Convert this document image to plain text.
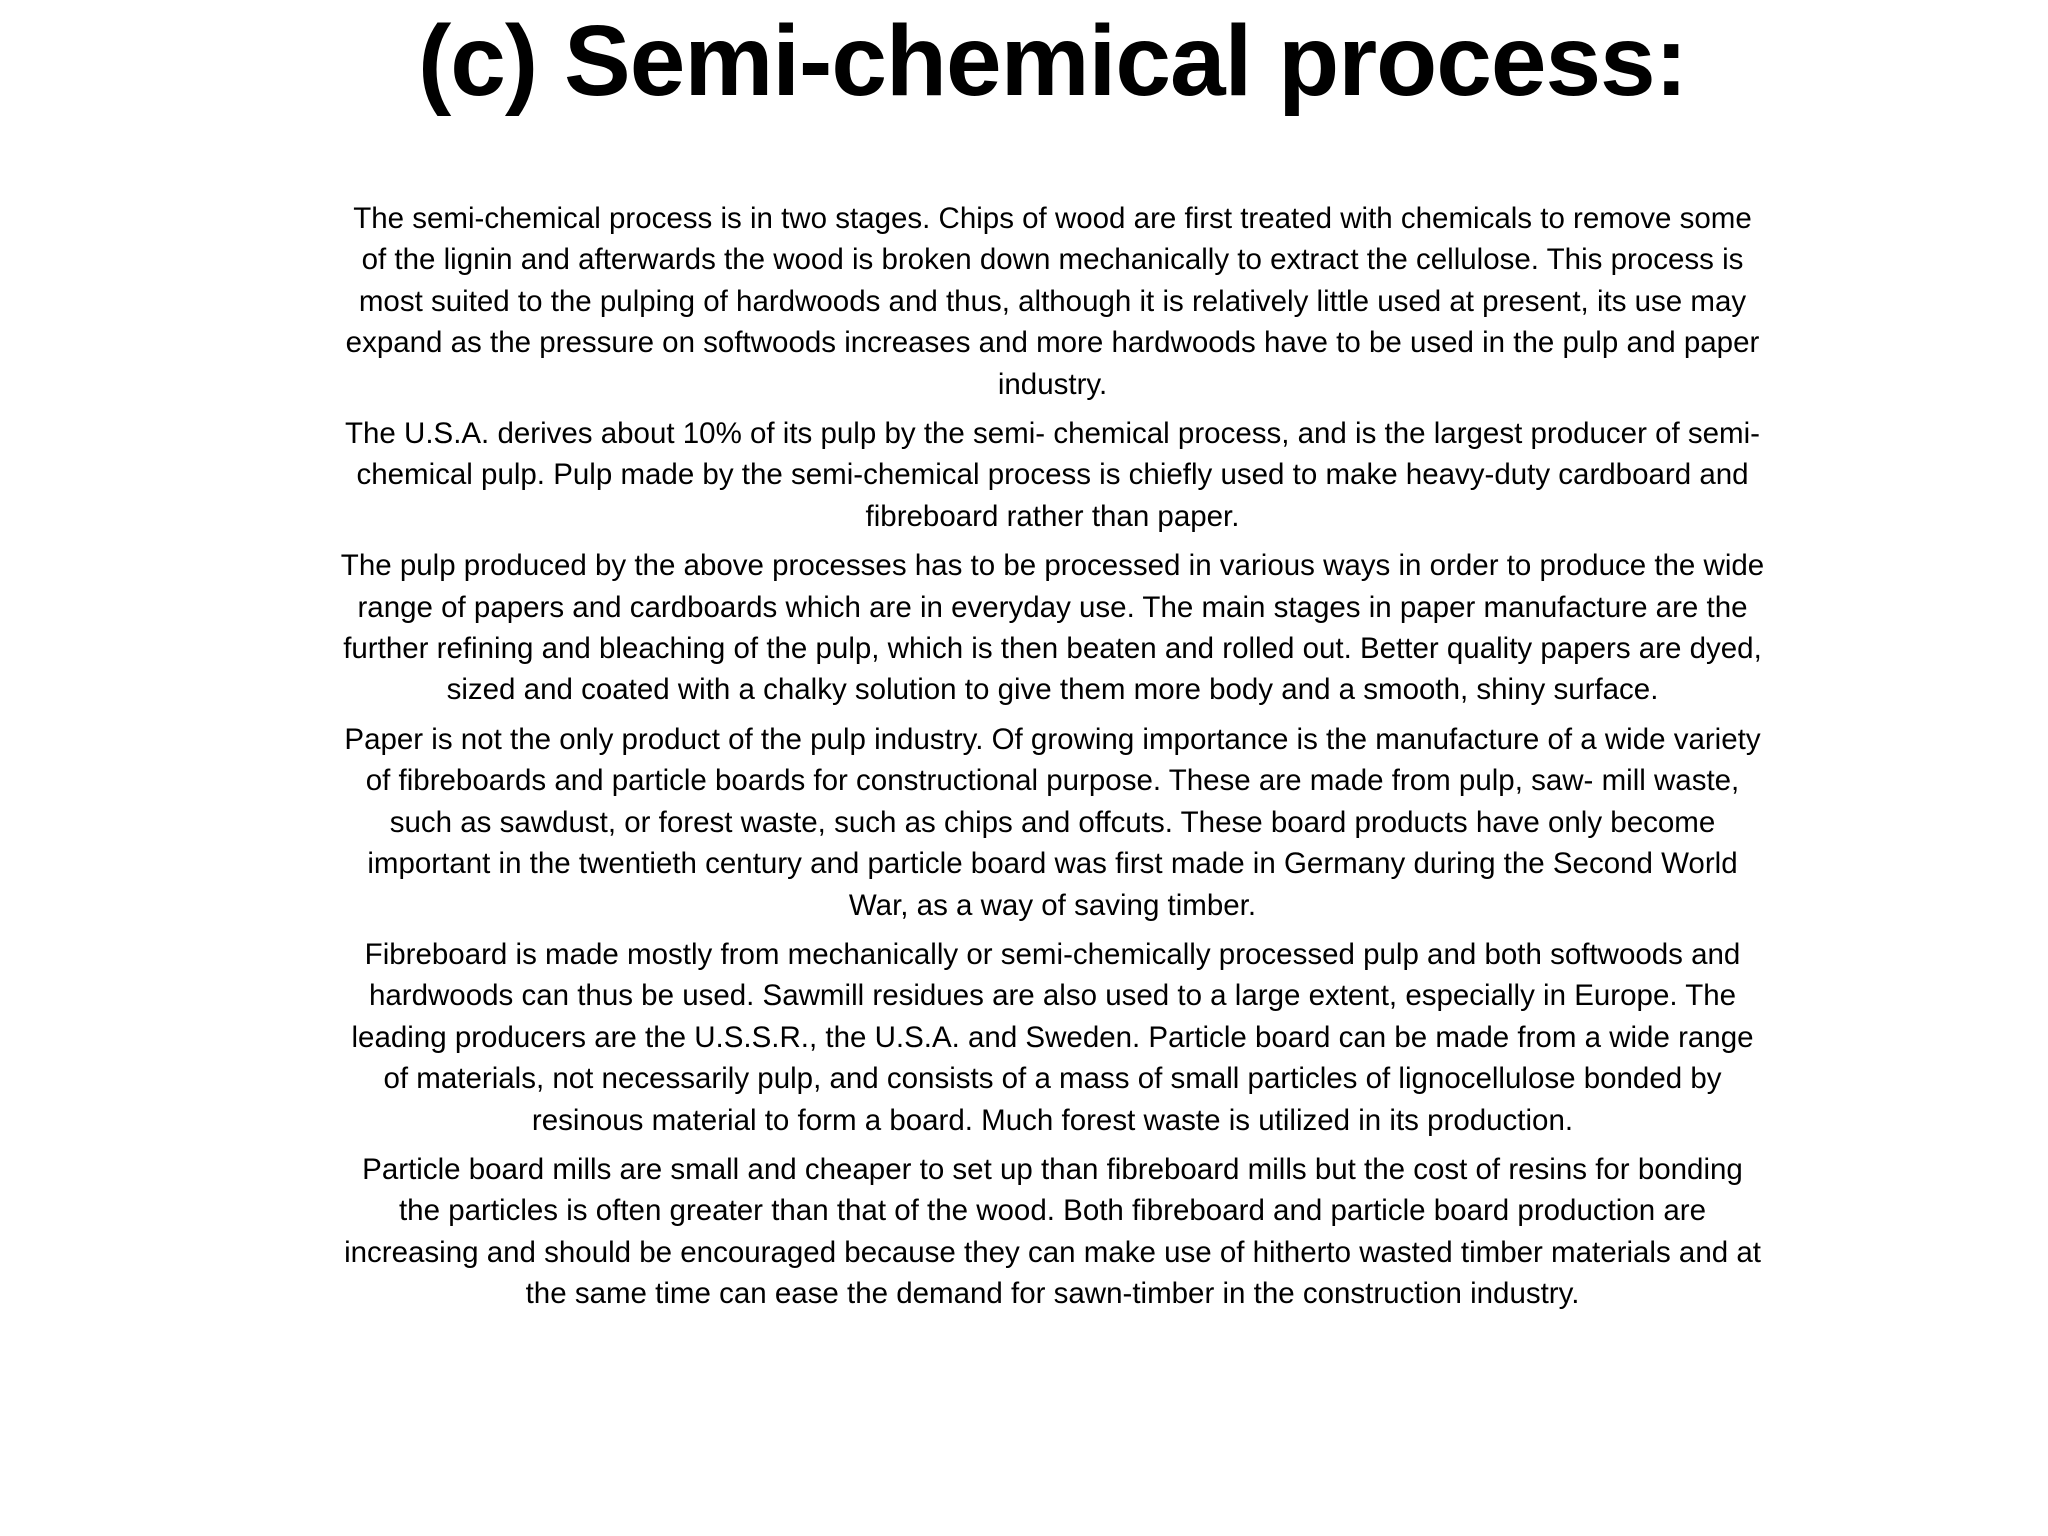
(c) Semi-chemical process:

The semi-chemical process is in two stages. Chips of wood are first treated with chemicals to remove some of the lignin and afterwards the wood is broken down mechanically to extract the cellulose. This process is most suited to the pulping of hardwoods and thus, although it is relatively little used at present, its use may expand as the pressure on softwoods increases and more hardwoods have to be used in the pulp and paper industry.

The U.S.A. derives about 10% of its pulp by the semi- chemical process, and is the largest producer of semi- chemical pulp. Pulp made by the semi-chemical process is chiefly used to make heavy-duty cardboard and fibreboard rather than paper.

The pulp produced by the above processes has to be processed in various ways in order to produce the wide range of papers and cardboards which are in everyday use. The main stages in paper manufacture are the further refining and bleaching of the pulp, which is then beaten and rolled out. Better quality papers are dyed, sized and coated with a chalky solution to give them more body and a smooth, shiny surface.

Paper is not the only product of the pulp industry. Of growing importance is the manufacture of a wide variety of fibreboards and particle boards for constructional purpose. These are made from pulp, saw- mill waste, such as sawdust, or forest waste, such as chips and offcuts. These board products have only become important in the twentieth century and particle board was first made in Germany during the Second World War, as a way of saving timber.

Fibreboard is made mostly from mechanically or semi-chemically processed pulp and both softwoods and hardwoods can thus be used. Sawmill residues are also used to a large extent, especially in Europe. The leading producers are the U.S.S.R., the U.S.A. and Sweden. Particle board can be made from a wide range of materials, not necessarily pulp, and consists of a mass of small particles of lignocellulose bonded by resinous material to form a board. Much forest waste is utilized in its production.

Particle board mills are small and cheaper to set up than fibreboard mills but the cost of resins for bonding the particles is often greater than that of the wood. Both fibreboard and particle board production are increasing and should be encouraged because they can make use of hitherto wasted timber materials and at the same time can ease the demand for sawn-timber in the construction industry.
